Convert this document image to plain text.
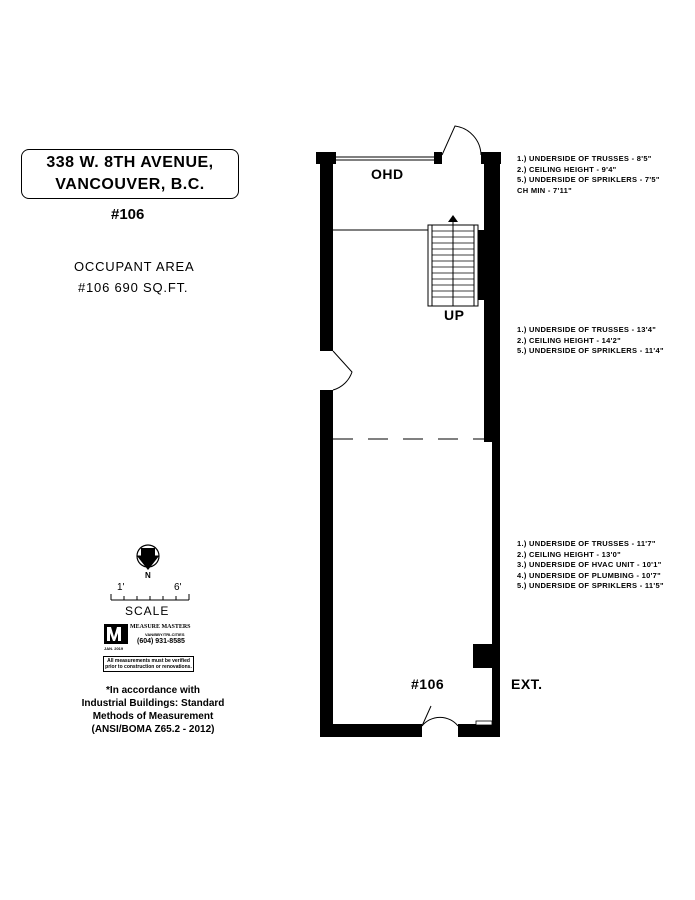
338 W. 8TH AVENUE,
VANCOUVER, B.C.
#106
OCCUPANT AREA
#106 690 SQ.FT.
OHD
UP
#106	EXT.
1.) UNDERSIDE OF TRUSSES - 8'5"
2.) CEILING HEIGHT - 9'4"
5.) UNDERSIDE OF SPRIKLERS - 7'5"
CH MIN - 7'11"
1.) UNDERSIDE OF TRUSSES - 13'4"
2.) CEILING HEIGHT - 14'2"
5.) UNDERSIDE OF SPRIKLERS - 11'4"
1.) UNDERSIDE OF TRUSSES - 11'7"
2.) CEILING HEIGHT - 13'0"
3.) UNDERSIDE OF HVAC UNIT - 10'1"
4.) UNDERSIDE OF PLUMBING - 10'7"
5.) UNDERSIDE OF SPRIKLERS - 11'5"
N
1'	6'
SCALE
MEASURE MASTERS
VAN/BBY/TRI-CITIES
(604) 931-8585
JAN. 2019
All measurements must be verified prior to construction or renovations.
*In accordance with
Industrial Buildings: Standard
Methods of Measurement
(ANSI/BOMA Z65.2 - 2012)
